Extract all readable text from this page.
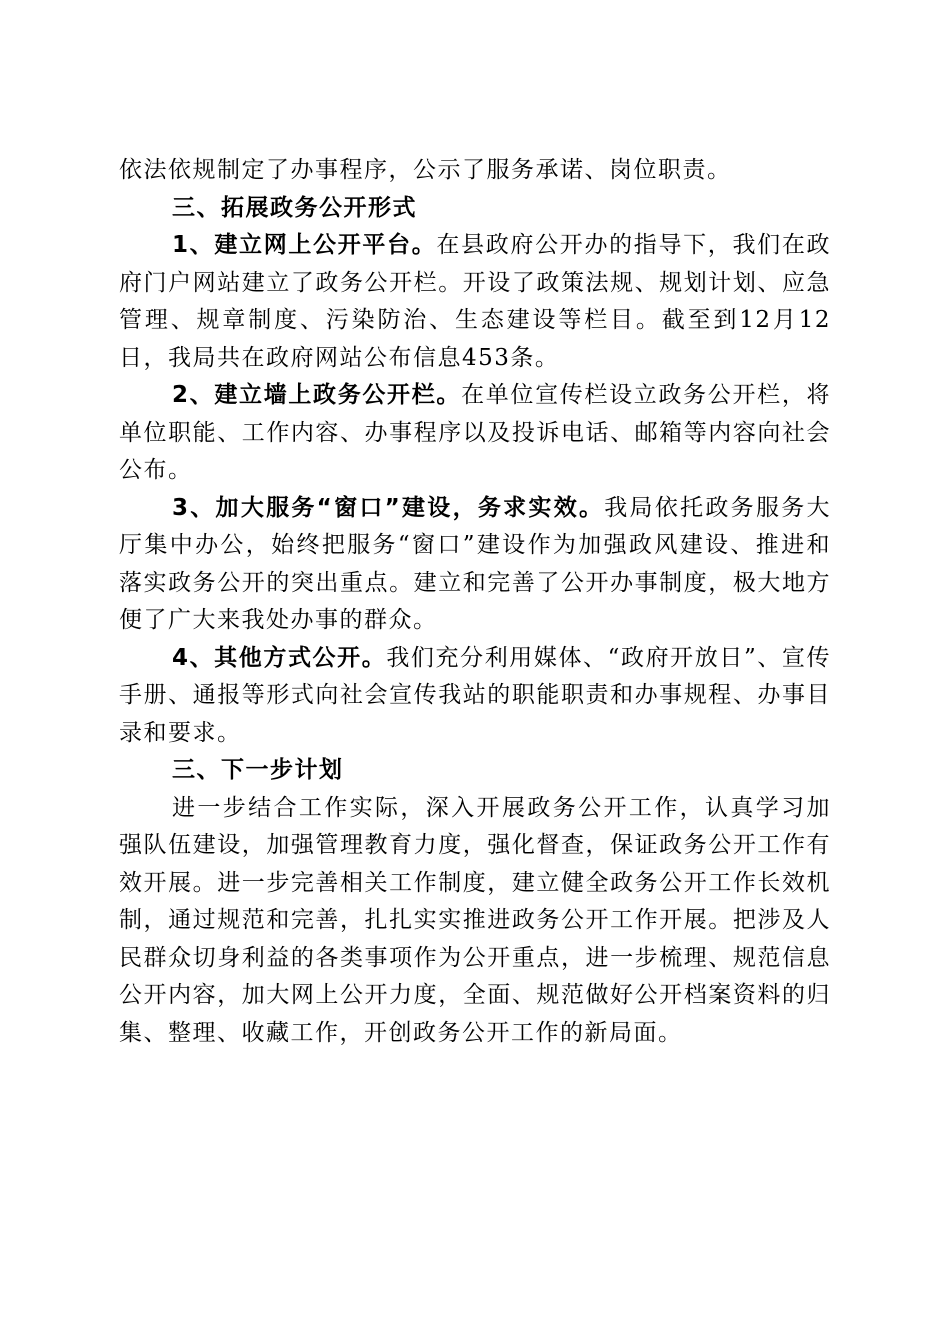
依法依规制定了办事程序，公示了服务承诺、岗位职责。

三、拓展政务公开形式

1、建立网上公开平台。在县政府公开办的指导下，我们在政府门户网站建立了政务公开栏。开设了政策法规、规划计划、应急管理、规章制度、污染防治、生态建设等栏目。截至到12月12日，我局共在政府网站公布信息453条。

2、建立墙上政务公开栏。在单位宣传栏设立政务公开栏，将单位职能、工作内容、办事程序以及投诉电话、邮箱等内容向社会公布。

3、加大服务“窗口”建设，务求实效。我局依托政务服务大厅集中办公，始终把服务“窗口”建设作为加强政风建设、推进和落实政务公开的突出重点。建立和完善了公开办事制度，极大地方便了广大来我处办事的群众。

4、其他方式公开。我们充分利用媒体、“政府开放日”、宣传手册、通报等形式向社会宣传我站的职能职责和办事规程、办事目录和要求。

三、下一步计划

进一步结合工作实际，深入开展政务公开工作，认真学习加强队伍建设，加强管理教育力度，强化督查，保证政务公开工作有效开展。进一步完善相关工作制度，建立健全政务公开工作长效机制，通过规范和完善，扎扎实实推进政务公开工作开展。把涉及人民群众切身利益的各类事项作为公开重点，进一步梳理、规范信息公开内容，加大网上公开力度，全面、规范做好公开档案资料的归集、整理、收藏工作，开创政务公开工作的新局面。
